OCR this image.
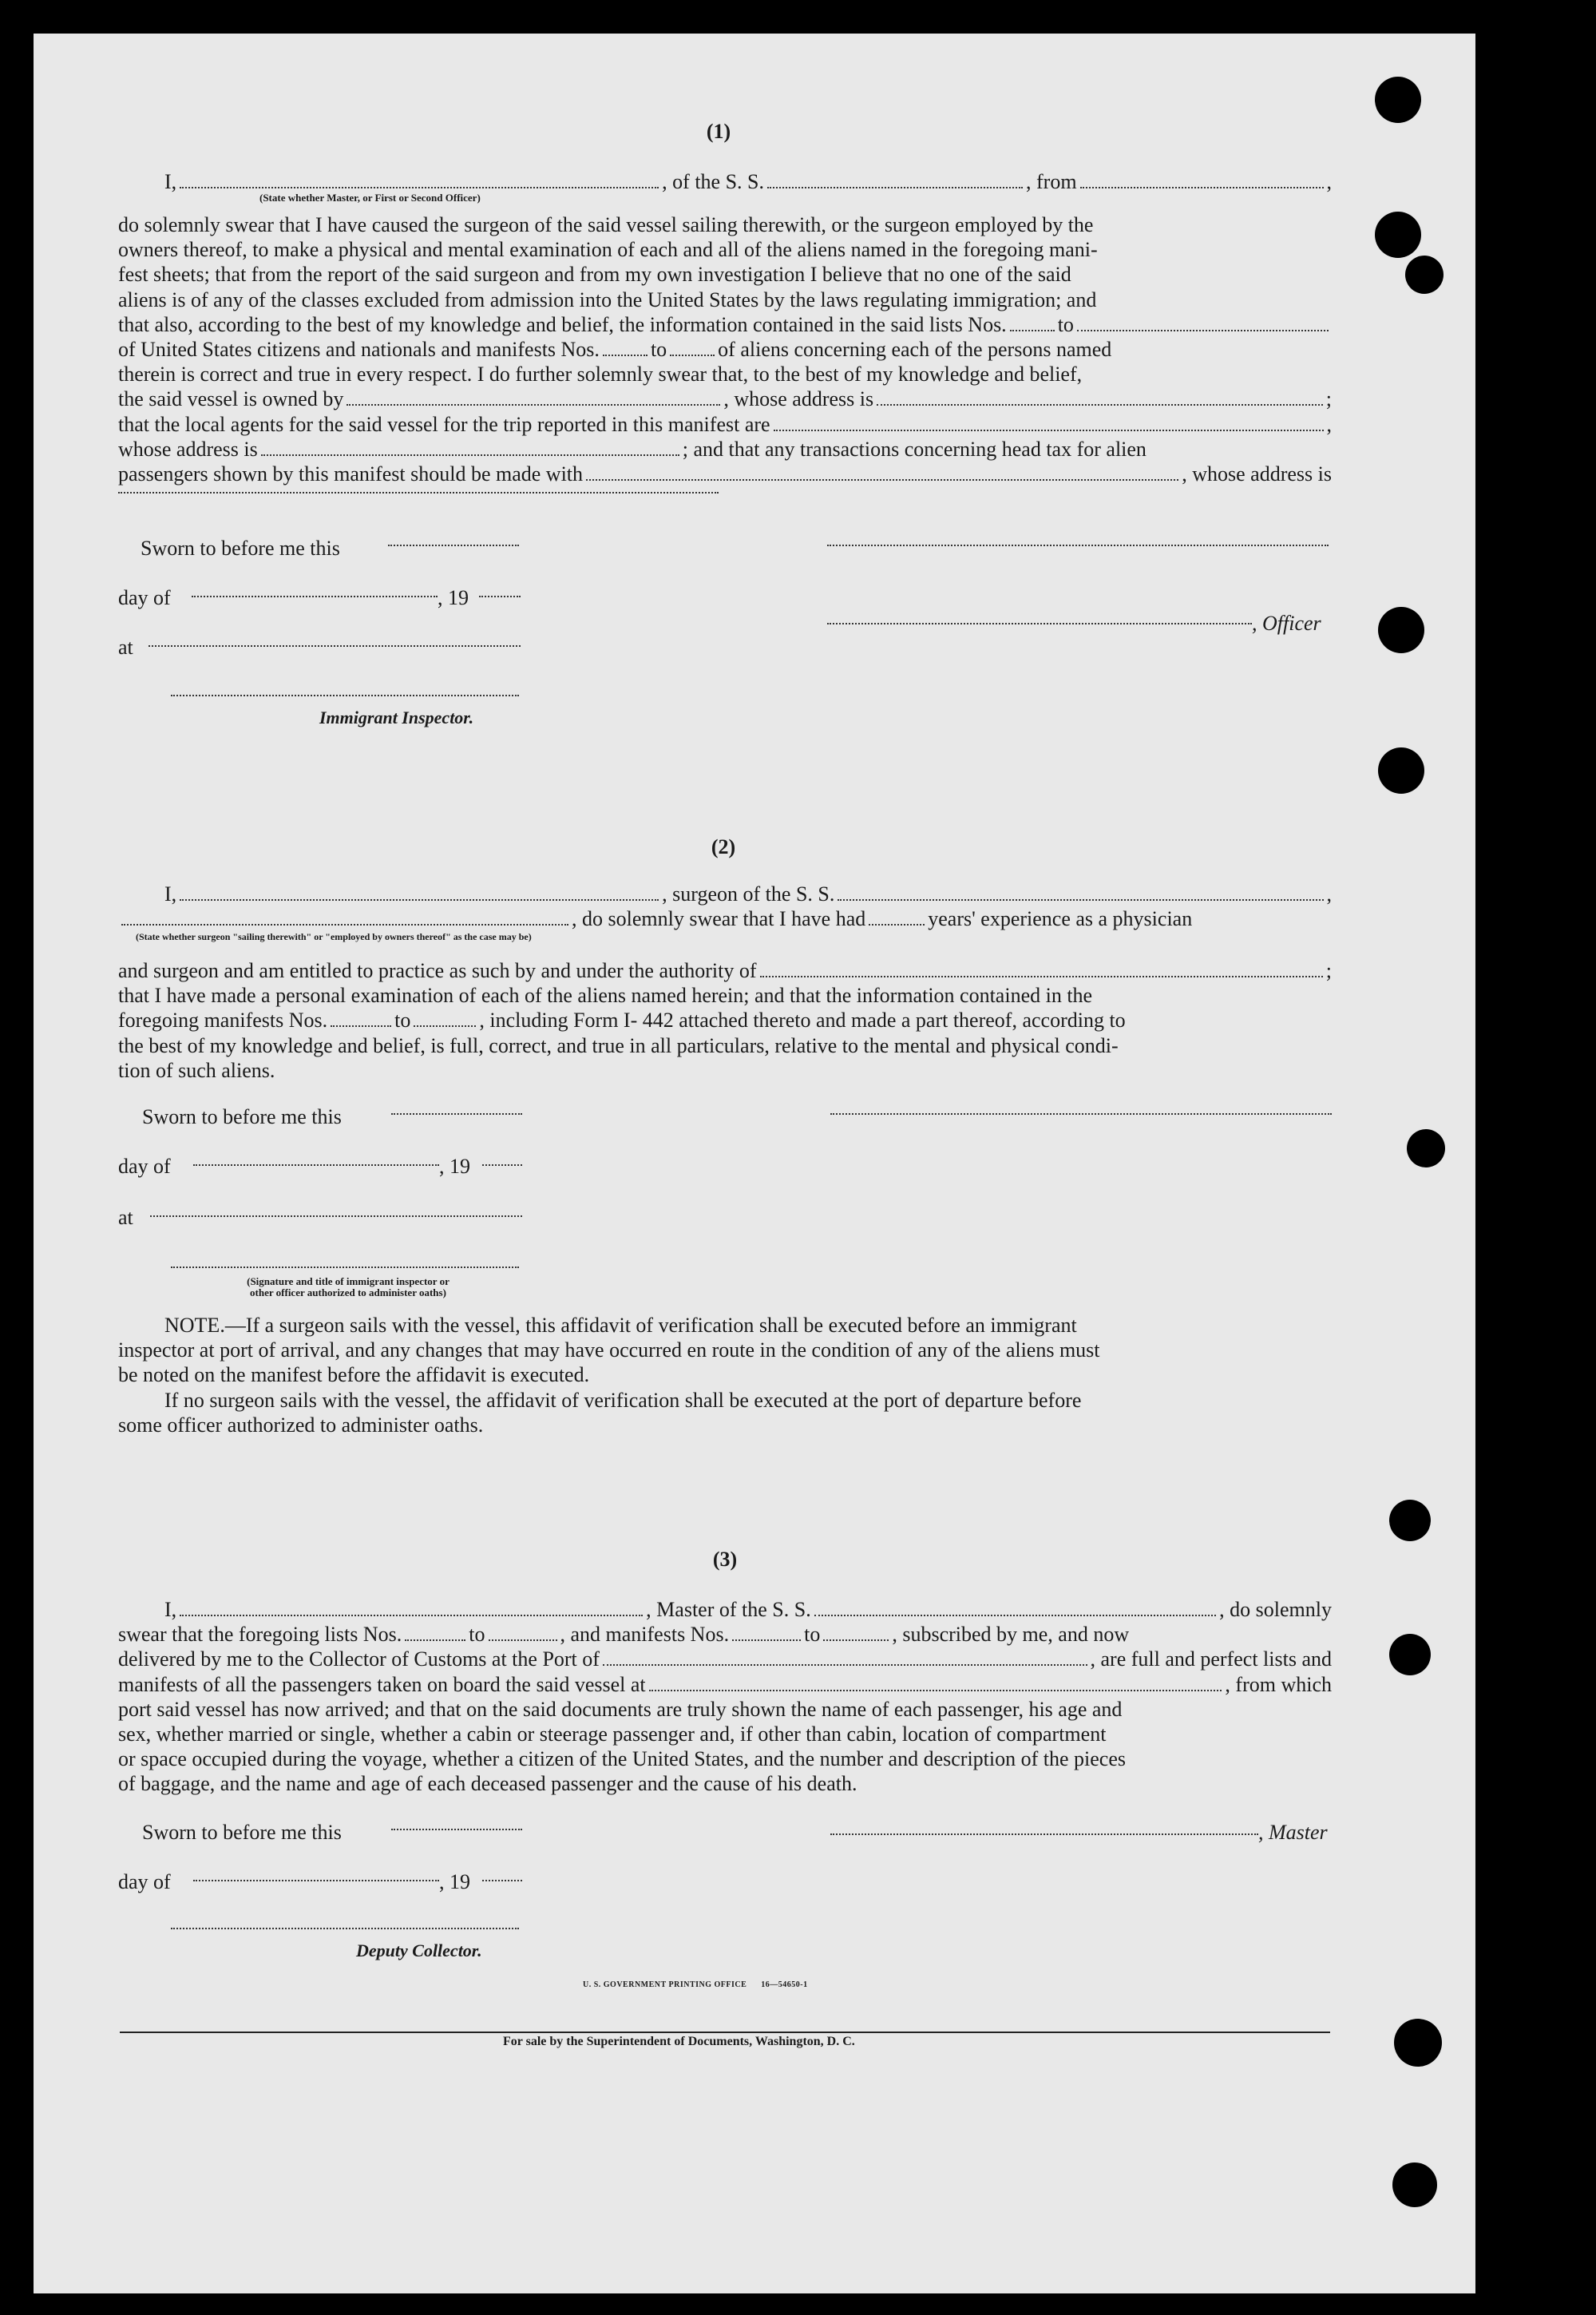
(1)
I,	, of the S. S.	, from	,
(State whether Master, or First or Second Officer)
do solemnly swear that I have caused the surgeon of the said vessel sailing therewith, or the surgeon employed by the
owners thereof, to make a physical and mental examination of each and all of the aliens named in the foregoing mani-
fest sheets; that from the report of the said surgeon and from my own investigation I believe that no one of the said
aliens is of any of the classes excluded from admission into the United States by the laws regulating immigration; and
that also, according to the best of my knowledge and belief, the information contained in the said lists Nos. to
of United States citizens and nationals and manifests Nos. to of aliens concerning each of the persons named
therein is correct and true in every respect. I do further solemnly swear that, to the best of my knowledge and belief,
the said vessel is owned by	, whose address is	;
that the local agents for the said vessel for the trip reported in this manifest are	,
whose address is	; and that any transactions concerning head tax for alien
passengers shown by this manifest should be made with	, whose address is
Sworn to before me this
day of	, 19
, Officer
at
Immigrant Inspector.
(2)
I,	, surgeon of the S. S.	,
, do solemnly swear that I have had	years' experience as a physician
(State whether surgeon "sailing therewith" or "employed by owners thereof" as the case may be)
and surgeon and am entitled to practice as such by and under the authority of	;
that I have made a personal examination of each of the aliens named herein; and that the information contained in the
foregoing manifests Nos.	to	, including Form I- 442 attached thereto and made a part thereof, according to
the best of my knowledge and belief, is full, correct, and true in all particulars, relative to the mental and physical condi-
tion of such aliens.
Sworn to before me this
day of	, 19
at
(Signature and title of immigrant inspector or
other officer authorized to administer oaths)
NOTE.—If a surgeon sails with the vessel, this affidavit of verification shall be executed before an immigrant
inspector at port of arrival, and any changes that may have occurred en route in the condition of any of the aliens must
be noted on the manifest before the affidavit is executed.
If no surgeon sails with the vessel, the affidavit of verification shall be executed at the port of departure before
some officer authorized to administer oaths.
(3)
I,	, Master of the S. S.	, do solemnly
swear that the foregoing lists Nos.	to	, and manifests Nos.	to	, subscribed by me, and now
delivered by me to the Collector of Customs at the Port of	, are full and perfect lists and
manifests of all the passengers taken on board the said vessel at	, from which
port said vessel has now arrived; and that on the said documents are truly shown the name of each passenger, his age and
sex, whether married or single, whether a cabin or steerage passenger and, if other than cabin, location of compartment
or space occupied during the voyage, whether a citizen of the United States, and the number and description of the pieces
of baggage, and the name and age of each deceased passenger and the cause of his death.
Sworn to before me this	, Master
day of	, 19
Deputy Collector.
U. S. GOVERNMENT PRINTING OFFICE      16—54650-1
For sale by the Superintendent of Documents, Washington, D. C.
